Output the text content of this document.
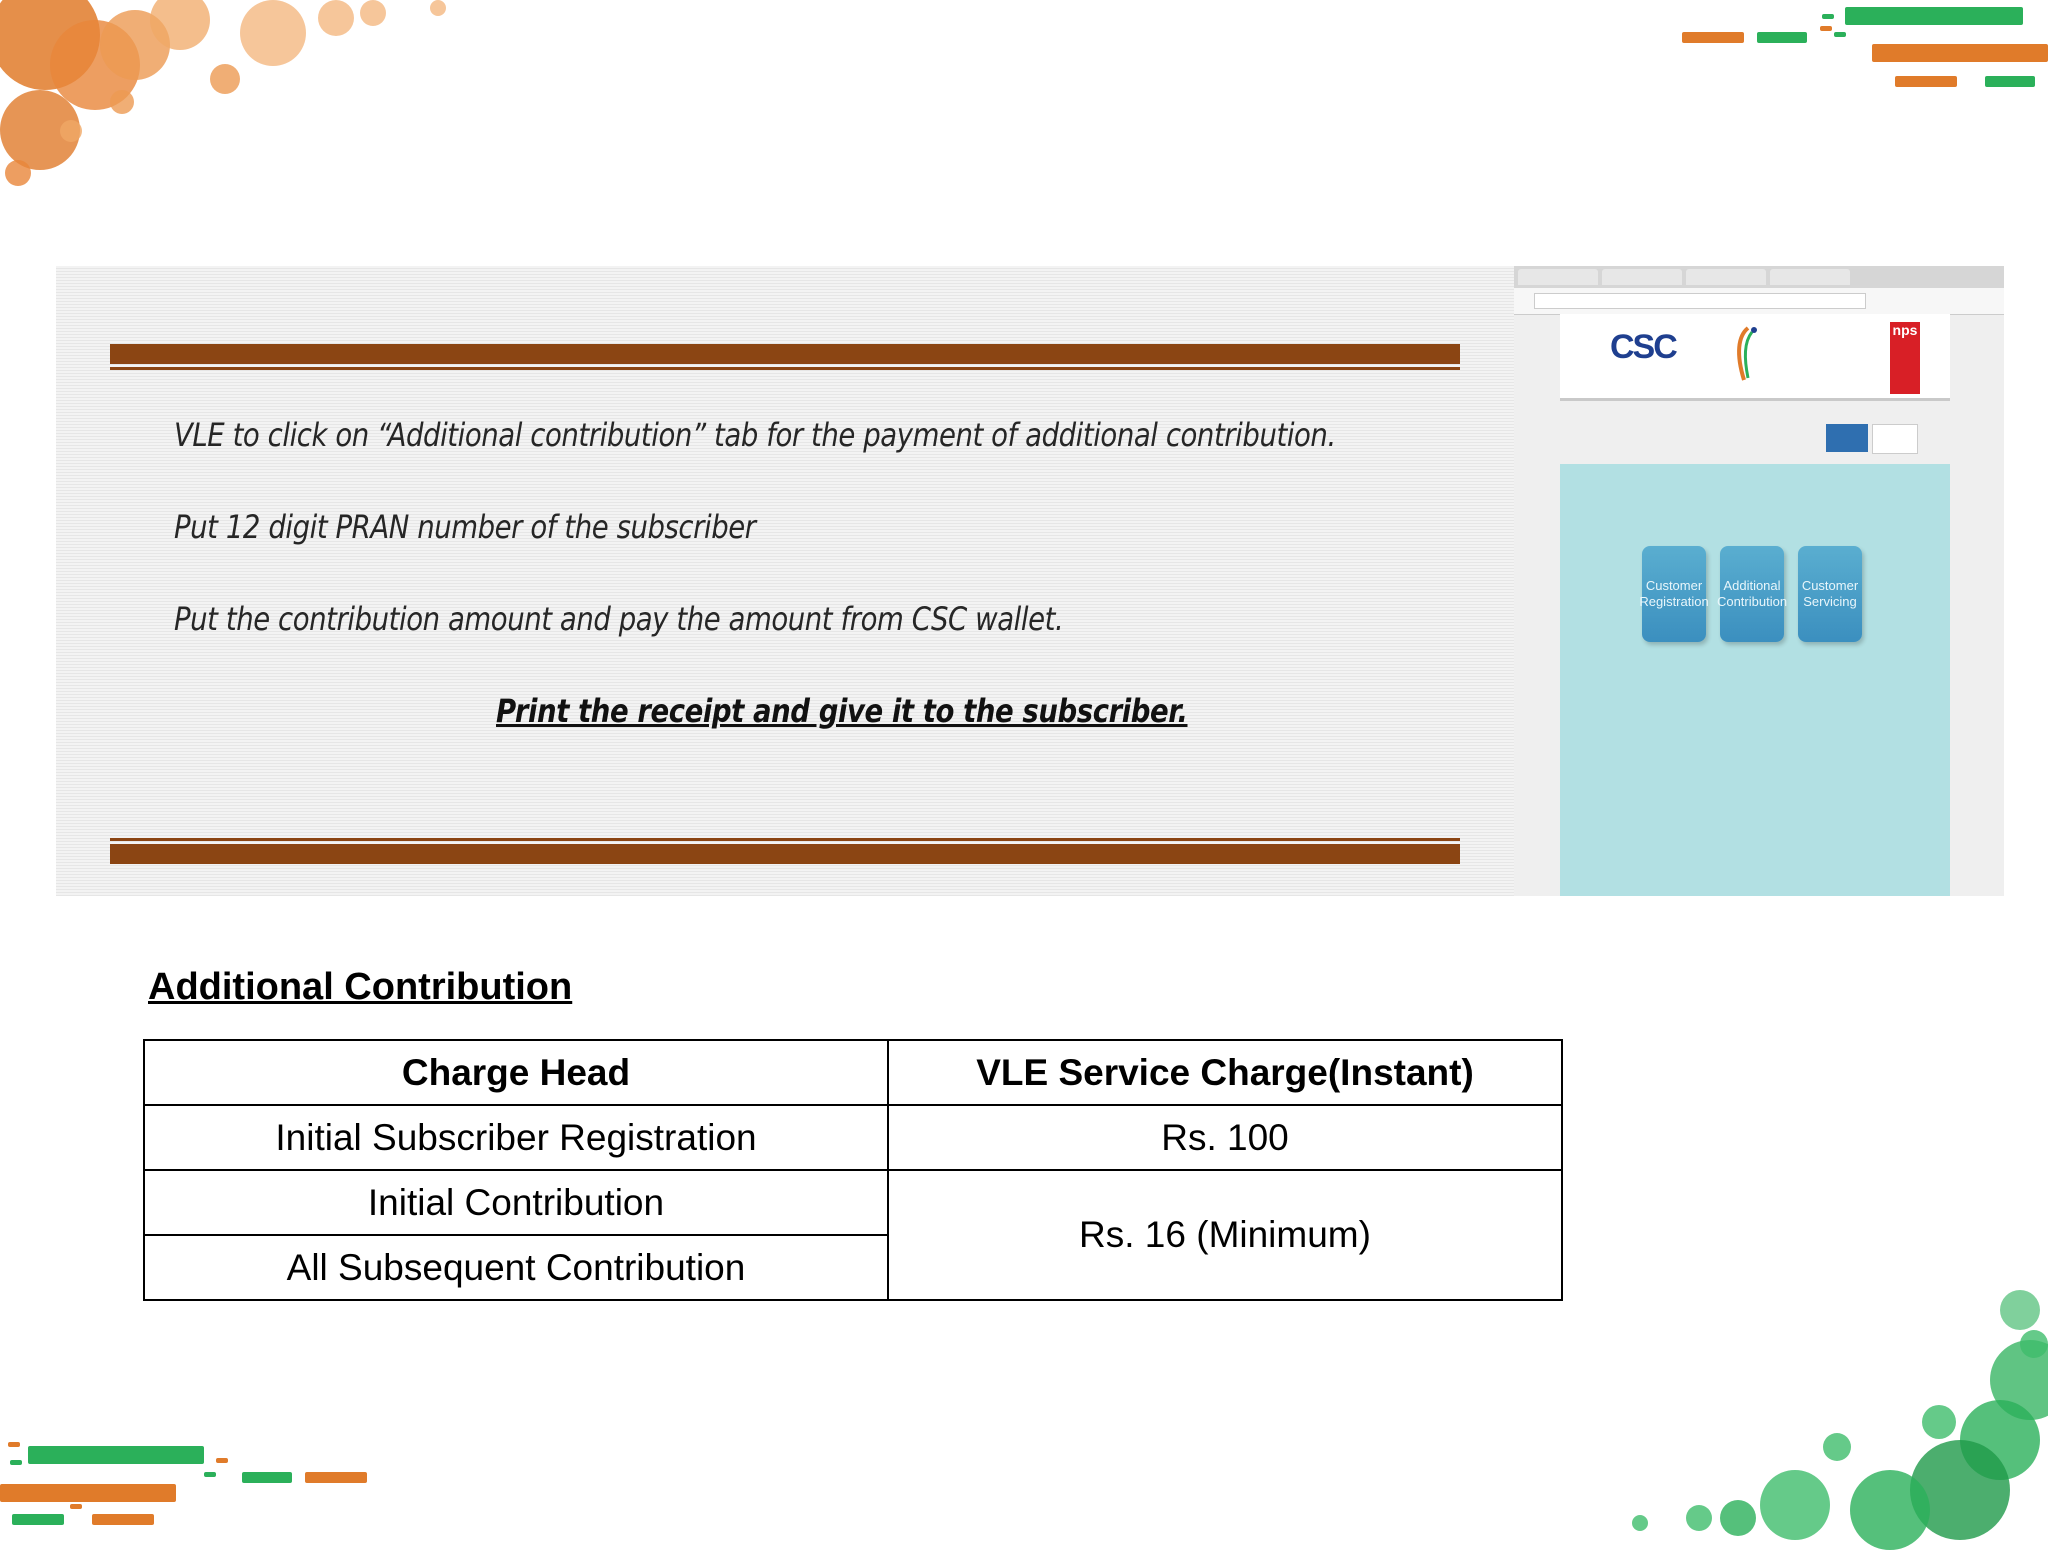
VLE to click on “Additional contribution” tab for the payment of additional contribution.
Put 12 digit PRAN number of the subscriber
Put the contribution amount and pay the amount from CSC wallet.
Print the receipt and give it to the subscriber.
CSC	nps

Customer Registration
Additional Contribution
Customer Servicing
Additional Contribution
Charge Head	VLE Service Charge(Instant)
Initial Subscriber Registration	Rs. 100
Initial Contribution	Rs. 16 (Minimum)
All Subsequent Contribution	
